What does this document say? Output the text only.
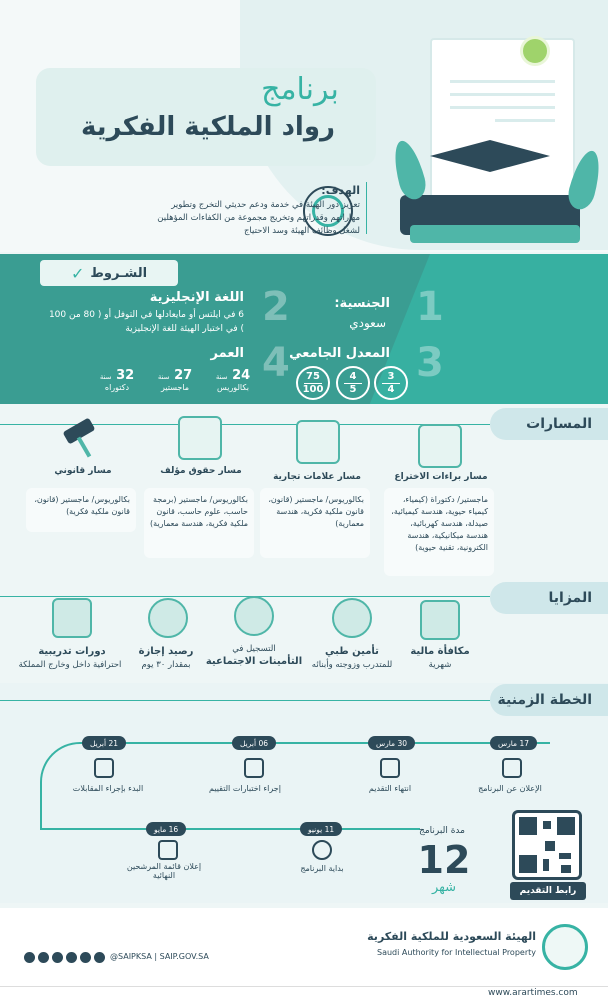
برنامج
رواد الملكية الفكرية
الهدف:
تعزيز دور الهيئة في خدمة ودعم حديثي التخرج وتطوير مهاراتهم وقدراتهم وتخريج مجموعة من الكفاءات المؤهلين لشغل وظائف الهيئة وسد الاحتياج
الشـروط
✓
1
الجنسية:
سعودي
2
اللغة الإنجليزية
6 في ايلتس أو مايعادلها في التوفل أو ( 80 من 100 ) في اختبار الهيئة للغة الإنجليزية
3
المعدل الجامعي
3
4
4
5
75
100
4
العمر
24 سنة
بكالوريس
27 سنة
ماجستير
32 سنة
دكتوراه
المسارات
مسار براءات الاختراع
ماجستير/ دكتوراة (كيمياء، كيمياء حيوية، هندسة كيميائية، صيدلة، هندسة كهربائية، هندسة ميكانيكية، هندسة الكترونية، تقنية حيوية)
مسار علامات تجارية
بكالوريوس/ ماجستير (قانون، قانون ملكية فكرية، هندسة معمارية)
مسار حقوق مؤلف
بكالوريوس/ ماجستير (برمجة حاسب، علوم حاسب، قانون ملكية فكرية، هندسة معمارية)
مسار قانوني
بكالوريوس/ ماجستير (قانون، قانون ملكية فكرية)
المزايا
مكافأة مالية
شهرية
تأمين طبي
للمتدرب وزوجته وأبنائه
التسجيل في
التأمينات الاجتماعية
رصيد إجازة
بمقدار ٣٠ يوم
دورات تدريبية
احترافية داخل وخارج المملكة
الخطة الزمنية
17 مارس
الإعلان عن البرنامج
30 مارس
انتهاء التقديم
06 أبريل
إجراء اختبارات التقييم
21 أبريل
البدء بإجراء المقابلات
11 يونيو
بداية البرنامج
16 مايو
إعلان قائمة المرشحين النهائية
مدة البرنامج
12
شهر	رابط التقديم
الهيئة السعودية للملكية الفكرية
Saudi Authority for Intellectual Property
@SAIPKSA | SAIP.GOV.SA
www.arartimes.com
